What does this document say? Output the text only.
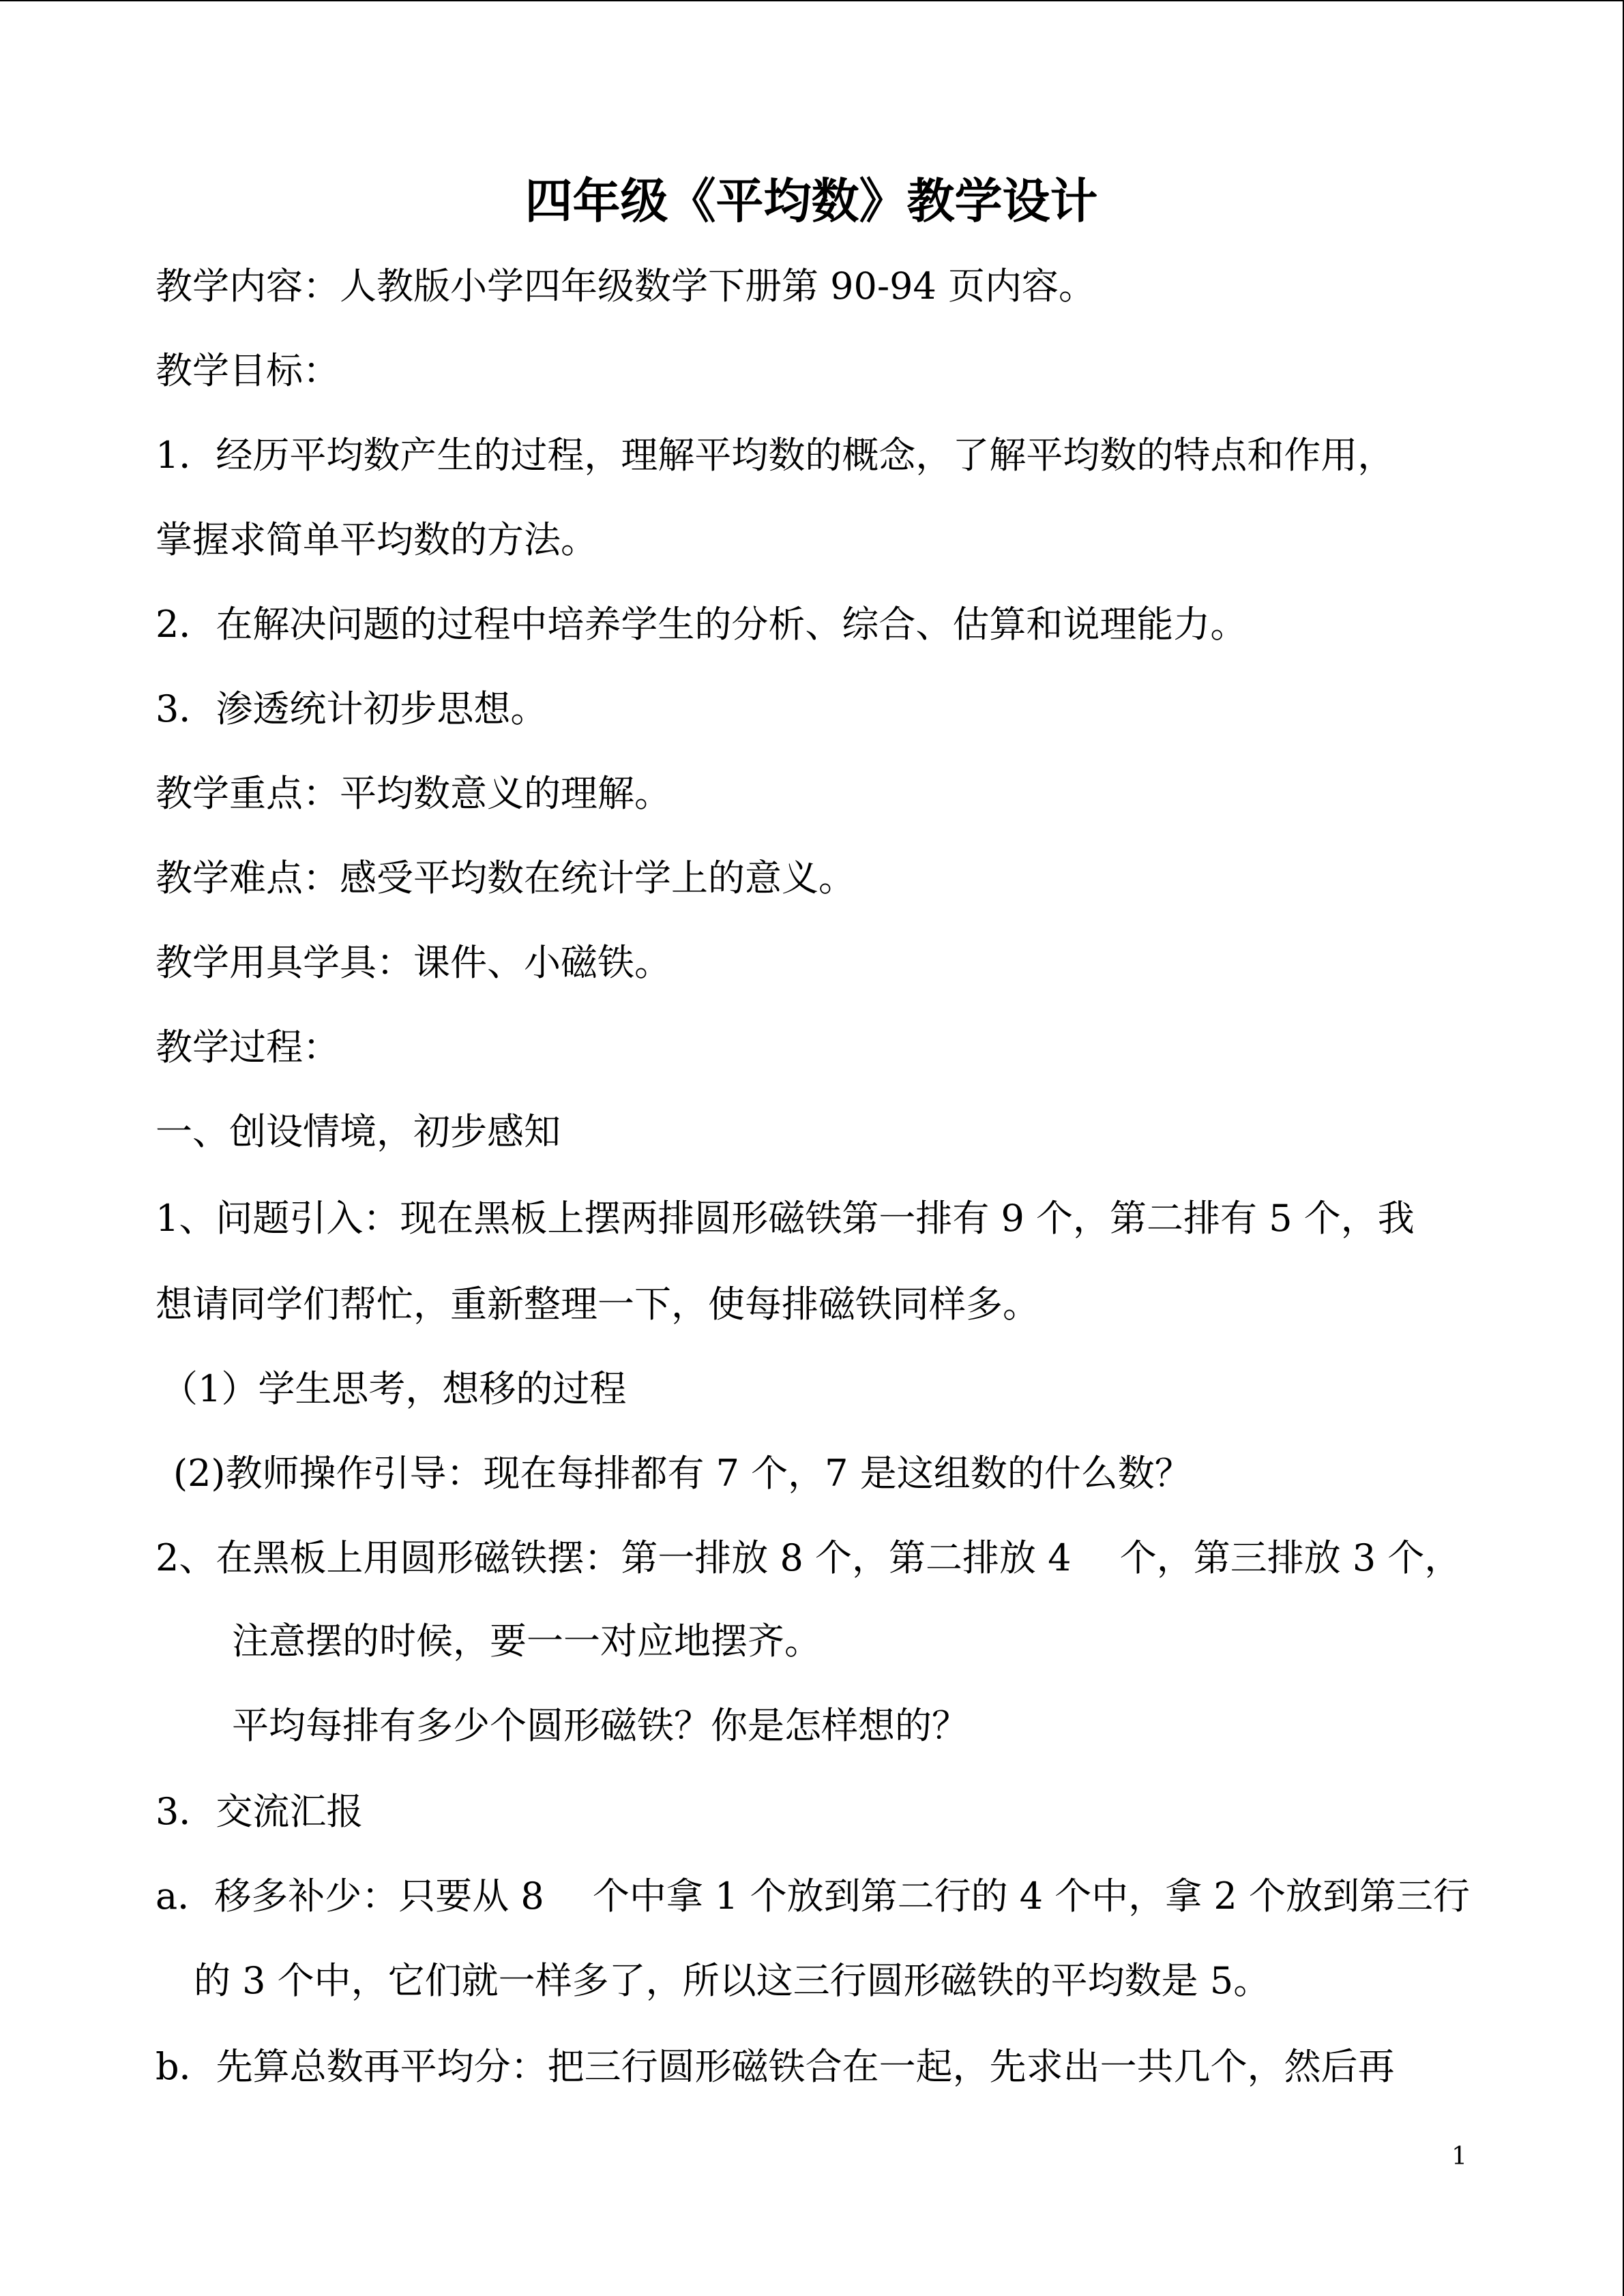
四年级《平均数》教学设计
教学内容：人教版小学四年级数学下册第 90-94 页内容。
教学目标：
1．经历平均数产生的过程，理解平均数的概念，了解平均数的特点和作用，
掌握求简单平均数的方法。
2．在解决问题的过程中培养学生的分析、综合、估算和说理能力。
3．渗透统计初步思想。
教学重点：平均数意义的理解。
教学难点：感受平均数在统计学上的意义。
教学用具学具：课件、小磁铁。
教学过程：
一、创设情境，初步感知
1、问题引入：现在黑板上摆两排圆形磁铁第一排有 9 个，第二排有 5 个，我
想请同学们帮忙，重新整理一下，使每排磁铁同样多。
（1）学生思考，想移的过程
(2)教师操作引导：现在每排都有 7 个，7 是这组数的什么数？
2、在黑板上用圆形磁铁摆：第一排放 8 个，第二排放 4　 个，第三排放 3 个，
注意摆的时候，要一一对应地摆齐。
平均每排有多少个圆形磁铁？你是怎样想的？
3．交流汇报
a．移多补少：只要从 8　 个中拿 1 个放到第二行的 4 个中，拿 2 个放到第三行
的 3 个中，它们就一样多了，所以这三行圆形磁铁的平均数是 5。
b．先算总数再平均分：把三行圆形磁铁合在一起，先求出一共几个，然后再
1
